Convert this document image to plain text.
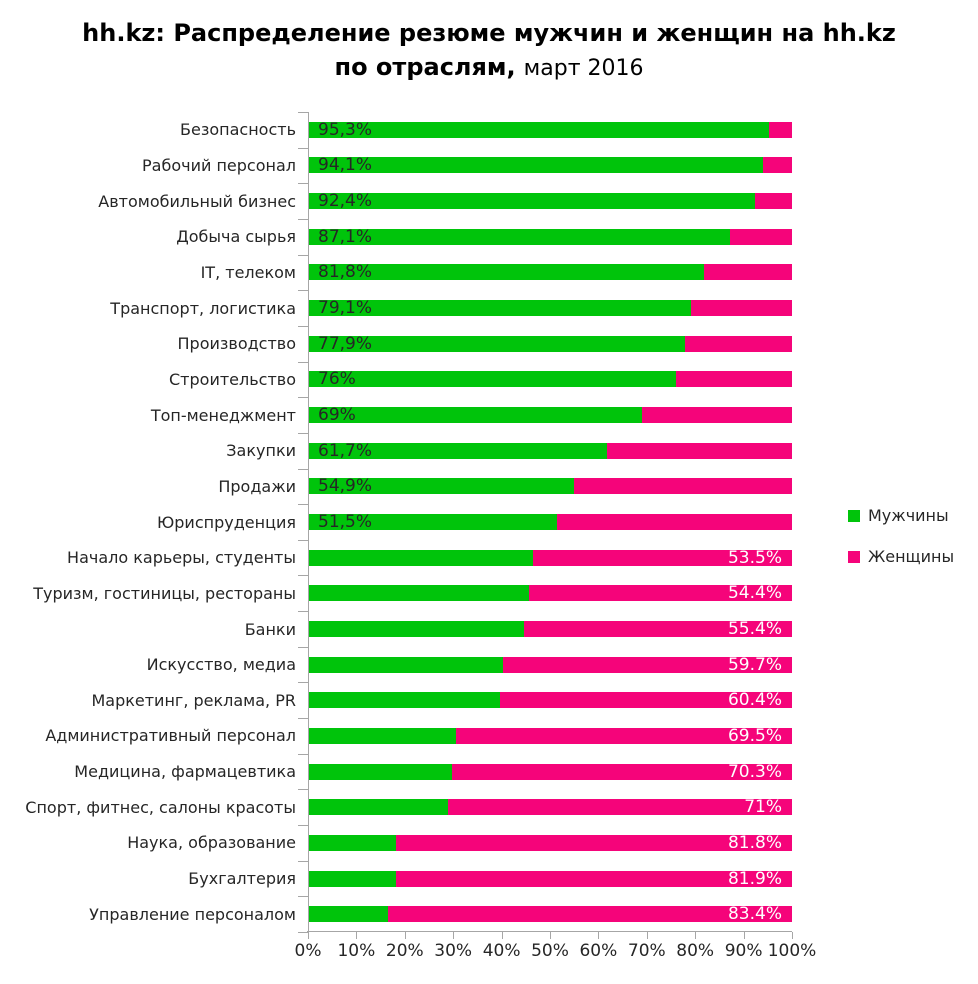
hh.kz: Распределение резюме мужчин и женщин на hh.kz
по отраслям, март 2016
Безопасность
Рабочий персонал
Автомобильный бизнес
Добыча сырья
IT, телеком
Транспорт, логистика
Производство
Строительство
Топ-менеджмент
Закупки
Продажи
Юриспруденция
Начало карьеры, студенты
Туризм, гостиницы, рестораны
Банки
Искусство, медиа
Маркетинг, реклама, PR
Административный персонал
Медицина, фармацевтика
Спорт, фитнес, салоны красоты
Наука, образование
Бухгалтерия
Управление персоналом
95,3%
94,1%
92,4%
87,1%
81,8%
79,1%
77,9%
76%
69%
61,7%
54,9%
51,5%
53.5%
54.4%
55.4%
59.7%
60.4%
69.5%
70.3%
71%
81.8%
81.9%
83.4%
0% 10% 20% 30% 40% 50% 60% 70% 80% 90% 100%
Мужчины
Женщины
